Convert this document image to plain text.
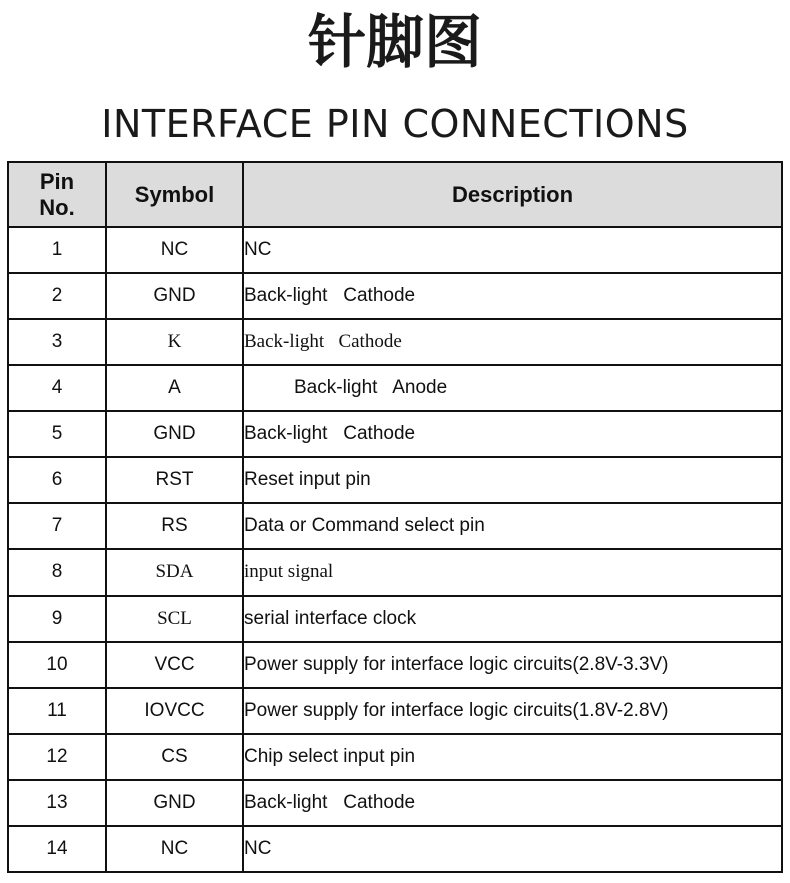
针脚图
INTERFACE PIN CONNECTIONS
Pin
No.	Symbol	Description
1	NC	NC
2	GND	Back-light   Cathode
3	K	Back-light   Cathode
4	A	Back-light   Anode
5	GND	Back-light   Cathode
6	RST	Reset input pin
7	RS	Data or Command select pin
8	SDA	input signal
9	SCL	serial interface clock
10	VCC	Power supply for interface logic circuits(2.8V-3.3V)
11	IOVCC	Power supply for interface logic circuits(1.8V-2.8V)
12	CS	Chip select input pin
13	GND	Back-light   Cathode
14	NC	NC
